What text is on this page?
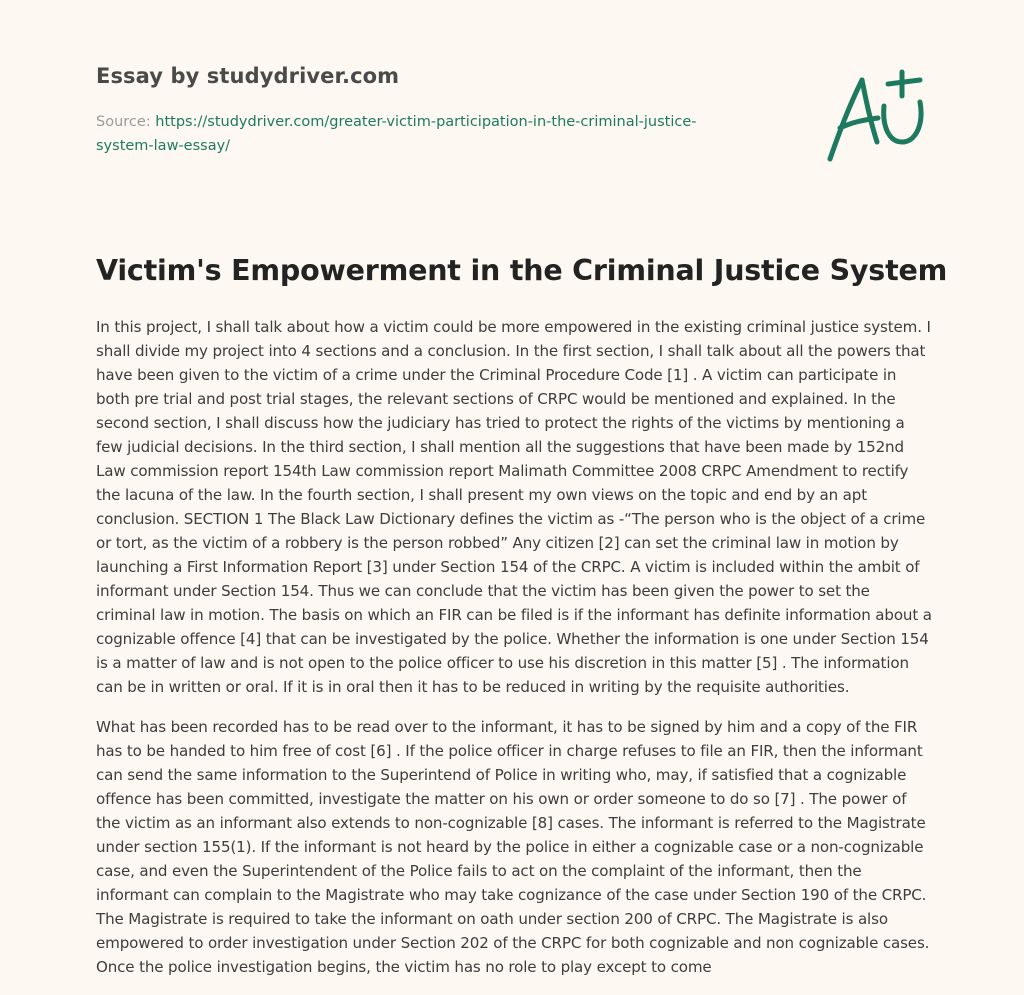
Essay by studydriver.com
Source: https://studydriver.com/greater-victim-participation-in-the-criminal-justice-system-law-essay/
Victim's Empowerment in the Criminal Justice System

In this project, I shall talk about how a victim could be more empowered in the existing criminal justice system. I shall divide my project into 4 sections and a conclusion. In the first section, I shall talk about all the powers that have been given to the victim of a crime under the Criminal Procedure Code [1] . A victim can participate in both pre trial and post trial stages, the relevant sections of CRPC would be mentioned and explained. In the second section, I shall discuss how the judiciary has tried to protect the rights of the victims by mentioning a few judicial decisions. In the third section, I shall mention all the suggestions that have been made by 152nd Law commission report 154th Law commission report Malimath Committee 2008 CRPC Amendment to rectify the lacuna of the law. In the fourth section, I shall present my own views on the topic and end by an apt conclusion. SECTION 1 The Black Law Dictionary defines the victim as -“The person who is the object of a crime or tort, as the victim of a robbery is the person robbed” Any citizen [2] can set the criminal law in motion by launching a First Information Report [3] under Section 154 of the CRPC. A victim is included within the ambit of informant under Section 154. Thus we can conclude that the victim has been given the power to set the criminal law in motion. The basis on which an FIR can be filed is if the informant has definite information about a cognizable offence [4] that can be investigated by the police. Whether the information is one under Section 154 is a matter of law and is not open to the police officer to use his discretion in this matter [5] . The information can be in written or oral. If it is in oral then it has to be reduced in writing by the requisite authorities.

What has been recorded has to be read over to the informant, it has to be signed by him and a copy of the FIR has to be handed to him free of cost [6] . If the police officer in charge refuses to file an FIR, then the informant can send the same information to the Superintend of Police in writing who, may, if satisfied that a cognizable offence has been committed, investigate the matter on his own or order someone to do so [7] . The power of the victim as an informant also extends to non-cognizable [8] cases. The informant is referred to the Magistrate under section 155(1). If the informant is not heard by the police in either a cognizable case or a non-cognizable case, and even the Superintendent of the Police fails to act on the complaint of the informant, then the informant can complain to the Magistrate who may take cognizance of the case under Section 190 of the CRPC. The Magistrate is required to take the informant on oath under section 200 of CRPC. The Magistrate is also empowered to order investigation under Section 202 of the CRPC for both cognizable and non cognizable cases. Once the police investigation begins, the victim has no role to play except to come
